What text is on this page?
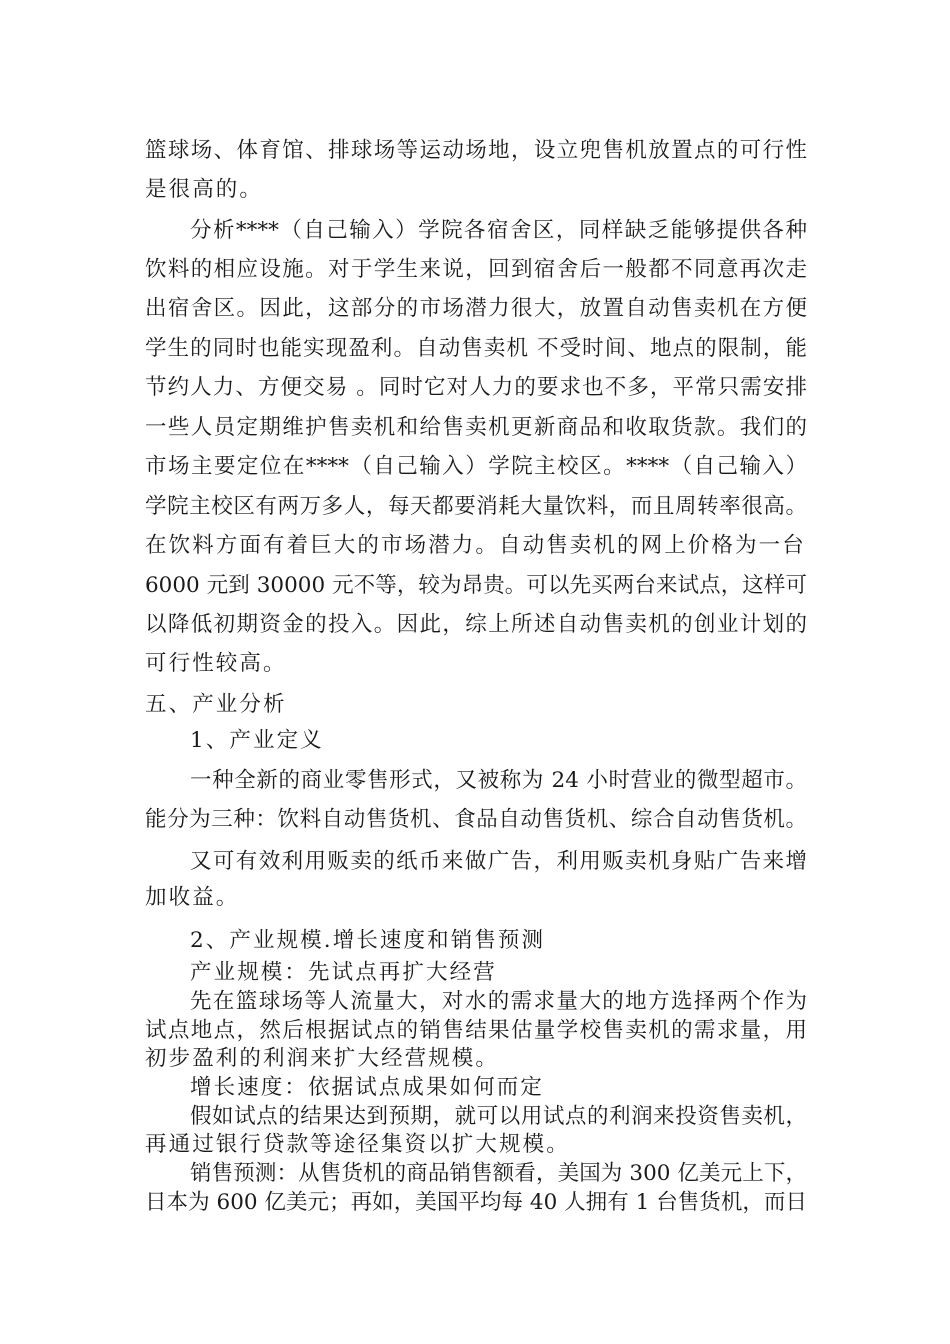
篮球场、体育馆、排球场等运动场地，设立兜售机放置点的可行性
是很高的。
分析****（自己输入）学院各宿舍区，同样缺乏能够提供各种
饮料的相应设施。对于学生来说，回到宿舍后一般都不同意再次走
出宿舍区。因此，这部分的市场潜力很大，放置自动售卖机在方便
学生的同时也能实现盈利。自动售卖机 不受时间、地点的限制，能
节约人力、方便交易 。同时它对人力的要求也不多，平常只需安排
一些人员定期维护售卖机和给售卖机更新商品和收取货款。我们的
市场主要定位在****（自己输入）学院主校区。****（自己输入）
学院主校区有两万多人，每天都要消耗大量饮料，而且周转率很高。
在饮料方面有着巨大的市场潜力。自动售卖机的网上价格为一台
6000 元到 30000 元不等，较为昂贵。可以先买两台来试点，这样可
以降低初期资金的投入。因此，综上所述自动售卖机的创业计划的
可行性较高。
五、产业分析
1、产业定义
一种全新的商业零售形式，又被称为 24 小时营业的微型超市。
能分为三种：饮料自动售货机、食品自动售货机、综合自动售货机。
又可有效利用贩卖的纸币来做广告，利用贩卖机身贴广告来增
加收益。
2、产业规模.增长速度和销售预测
产业规模：先试点再扩大经营
先在篮球场等人流量大，对水的需求量大的地方选择两个作为
试点地点，然后根据试点的销售结果估量学校售卖机的需求量，用
初步盈利的利润来扩大经营规模。
增长速度：依据试点成果如何而定
假如试点的结果达到预期，就可以用试点的利润来投资售卖机，
再通过银行贷款等途径集资以扩大规模。
销售预测：从售货机的商品销售额看，美国为 300 亿美元上下，
日本为 600 亿美元；再如，美国平均每 40 人拥有 1 台售货机，而日
